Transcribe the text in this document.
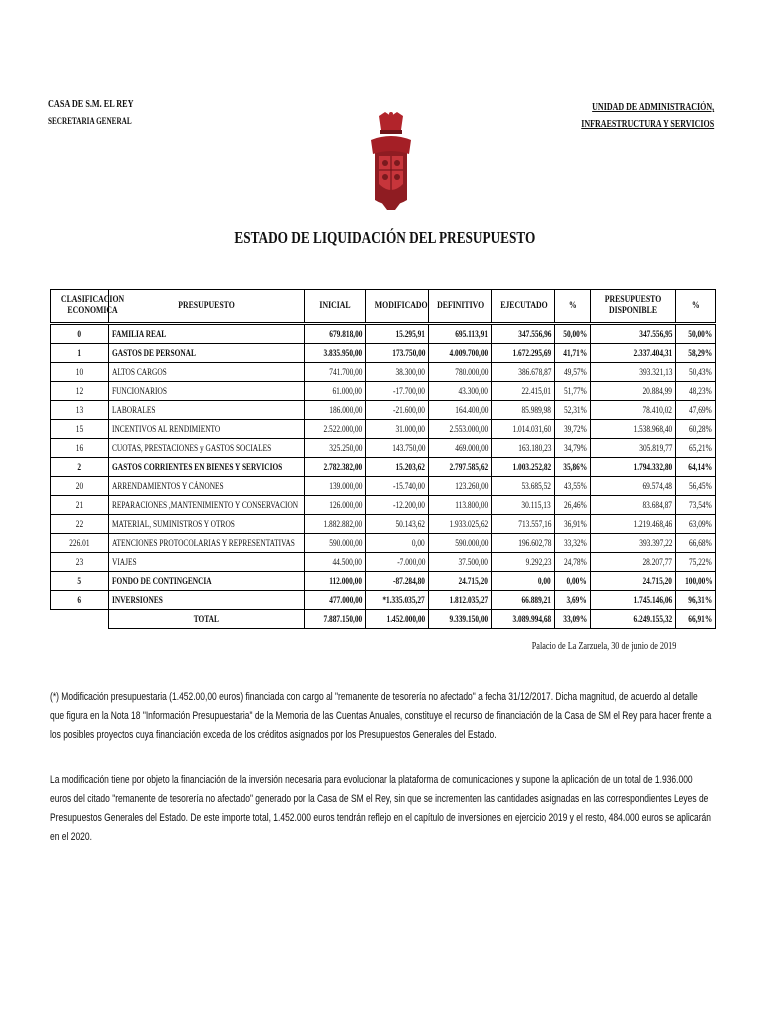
CASA DE S.M. EL REY
SECRETARIA GENERAL
UNIDAD DE ADMINISTRACIÓN,
INFRAESTRUCTURA Y SERVICIOS
ESTADO DE LIQUIDACIÓN DEL PRESUPUESTO
CLASIFICACION ECONOMICA	PRESUPUESTO	INICIAL	MODIFICADO	DEFINITIVO	EJECUTADO	%	PRESUPUESTO DISPONIBLE	%
0	FAMILIA REAL	679.818,00	15.295,91	695.113,91	347.556,96	50,00%	347.556,95	50,00%
1	GASTOS DE PERSONAL	3.835.950,00	173.750,00	4.009.700,00	1.672.295,69	41,71%	2.337.404,31	58,29%
10	ALTOS CARGOS	741.700,00	38.300,00	780.000,00	386.678,87	49,57%	393.321,13	50,43%
12	FUNCIONARIOS	61.000,00	-17.700,00	43.300,00	22.415,01	51,77%	20.884,99	48,23%
13	LABORALES	186.000,00	-21.600,00	164.400,00	85.989,98	52,31%	78.410,02	47,69%
15	INCENTIVOS AL RENDIMIENTO	2.522.000,00	31.000,00	2.553.000,00	1.014.031,60	39,72%	1.538.968,40	60,28%
16	CUOTAS, PRESTACIONES y GASTOS SOCIALES	325.250,00	143.750,00	469.000,00	163.180,23	34,79%	305.819,77	65,21%
2	GASTOS CORRIENTES EN BIENES Y SERVICIOS	2.782.382,00	15.203,62	2.797.585,62	1.003.252,82	35,86%	1.794.332,80	64,14%
20	ARRENDAMIENTOS Y CÁNONES	139.000,00	-15.740,00	123.260,00	53.685,52	43,55%	69.574,48	56,45%
21	REPARACIONES ,MANTENIMIENTO Y CONSERVACION	126.000,00	-12.200,00	113.800,00	30.115,13	26,46%	83.684,87	73,54%
22	MATERIAL, SUMINISTROS Y OTROS	1.882.882,00	50.143,62	1.933.025,62	713.557,16	36,91%	1.219.468,46	63,09%
226.01	ATENCIONES PROTOCOLARIAS Y REPRESENTATIVAS	590.000,00	0,00	590.000,00	196.602,78	33,32%	393.397,22	66,68%
23	VIAJES	44.500,00	-7.000,00	37.500,00	9.292,23	24,78%	28.207,77	75,22%
5	FONDO DE CONTINGENCIA	112.000,00	-87.284,80	24.715,20	0,00	0,00%	24.715,20	100,00%
6	INVERSIONES	477.000,00	*1.335.035,27	1.812.035,27	66.889,21	3,69%	1.745.146,06	96,31%
	TOTAL	7.887.150,00	1.452.000,00	9.339.150,00	3.089.994,68	33,09%	6.249.155,32	66,91%
Palacio de La Zarzuela, 30 de junio de 2019
(*) Modificación presupuestaria (1.452.00,00 euros) financiada con cargo al "remanente de tesorería no afectado" a fecha 31/12/2017. Dicha magnitud, de acuerdo al detalle que figura en la Nota 18 "Información Presupuestaria" de la Memoria de las Cuentas Anuales, constituye el recurso de financiación de la Casa de SM el Rey para hacer frente a los posibles proyectos cuya financiación exceda de los créditos asignados por los Presupuestos Generales del Estado.
La modificación tiene por objeto la financiación de la inversión necesaria para evolucionar la plataforma de comunicaciones y supone la aplicación de un total de 1.936.000 euros del citado "remanente de tesorería no afectado" generado por la Casa de SM el Rey, sin que se incrementen las cantidades asignadas en las correspondientes Leyes de Presupuestos Generales del Estado. De este importe total, 1.452.000 euros tendrán reflejo en el capítulo de inversiones en ejercicio 2019 y el resto, 484.000 euros se aplicarán en el 2020.
